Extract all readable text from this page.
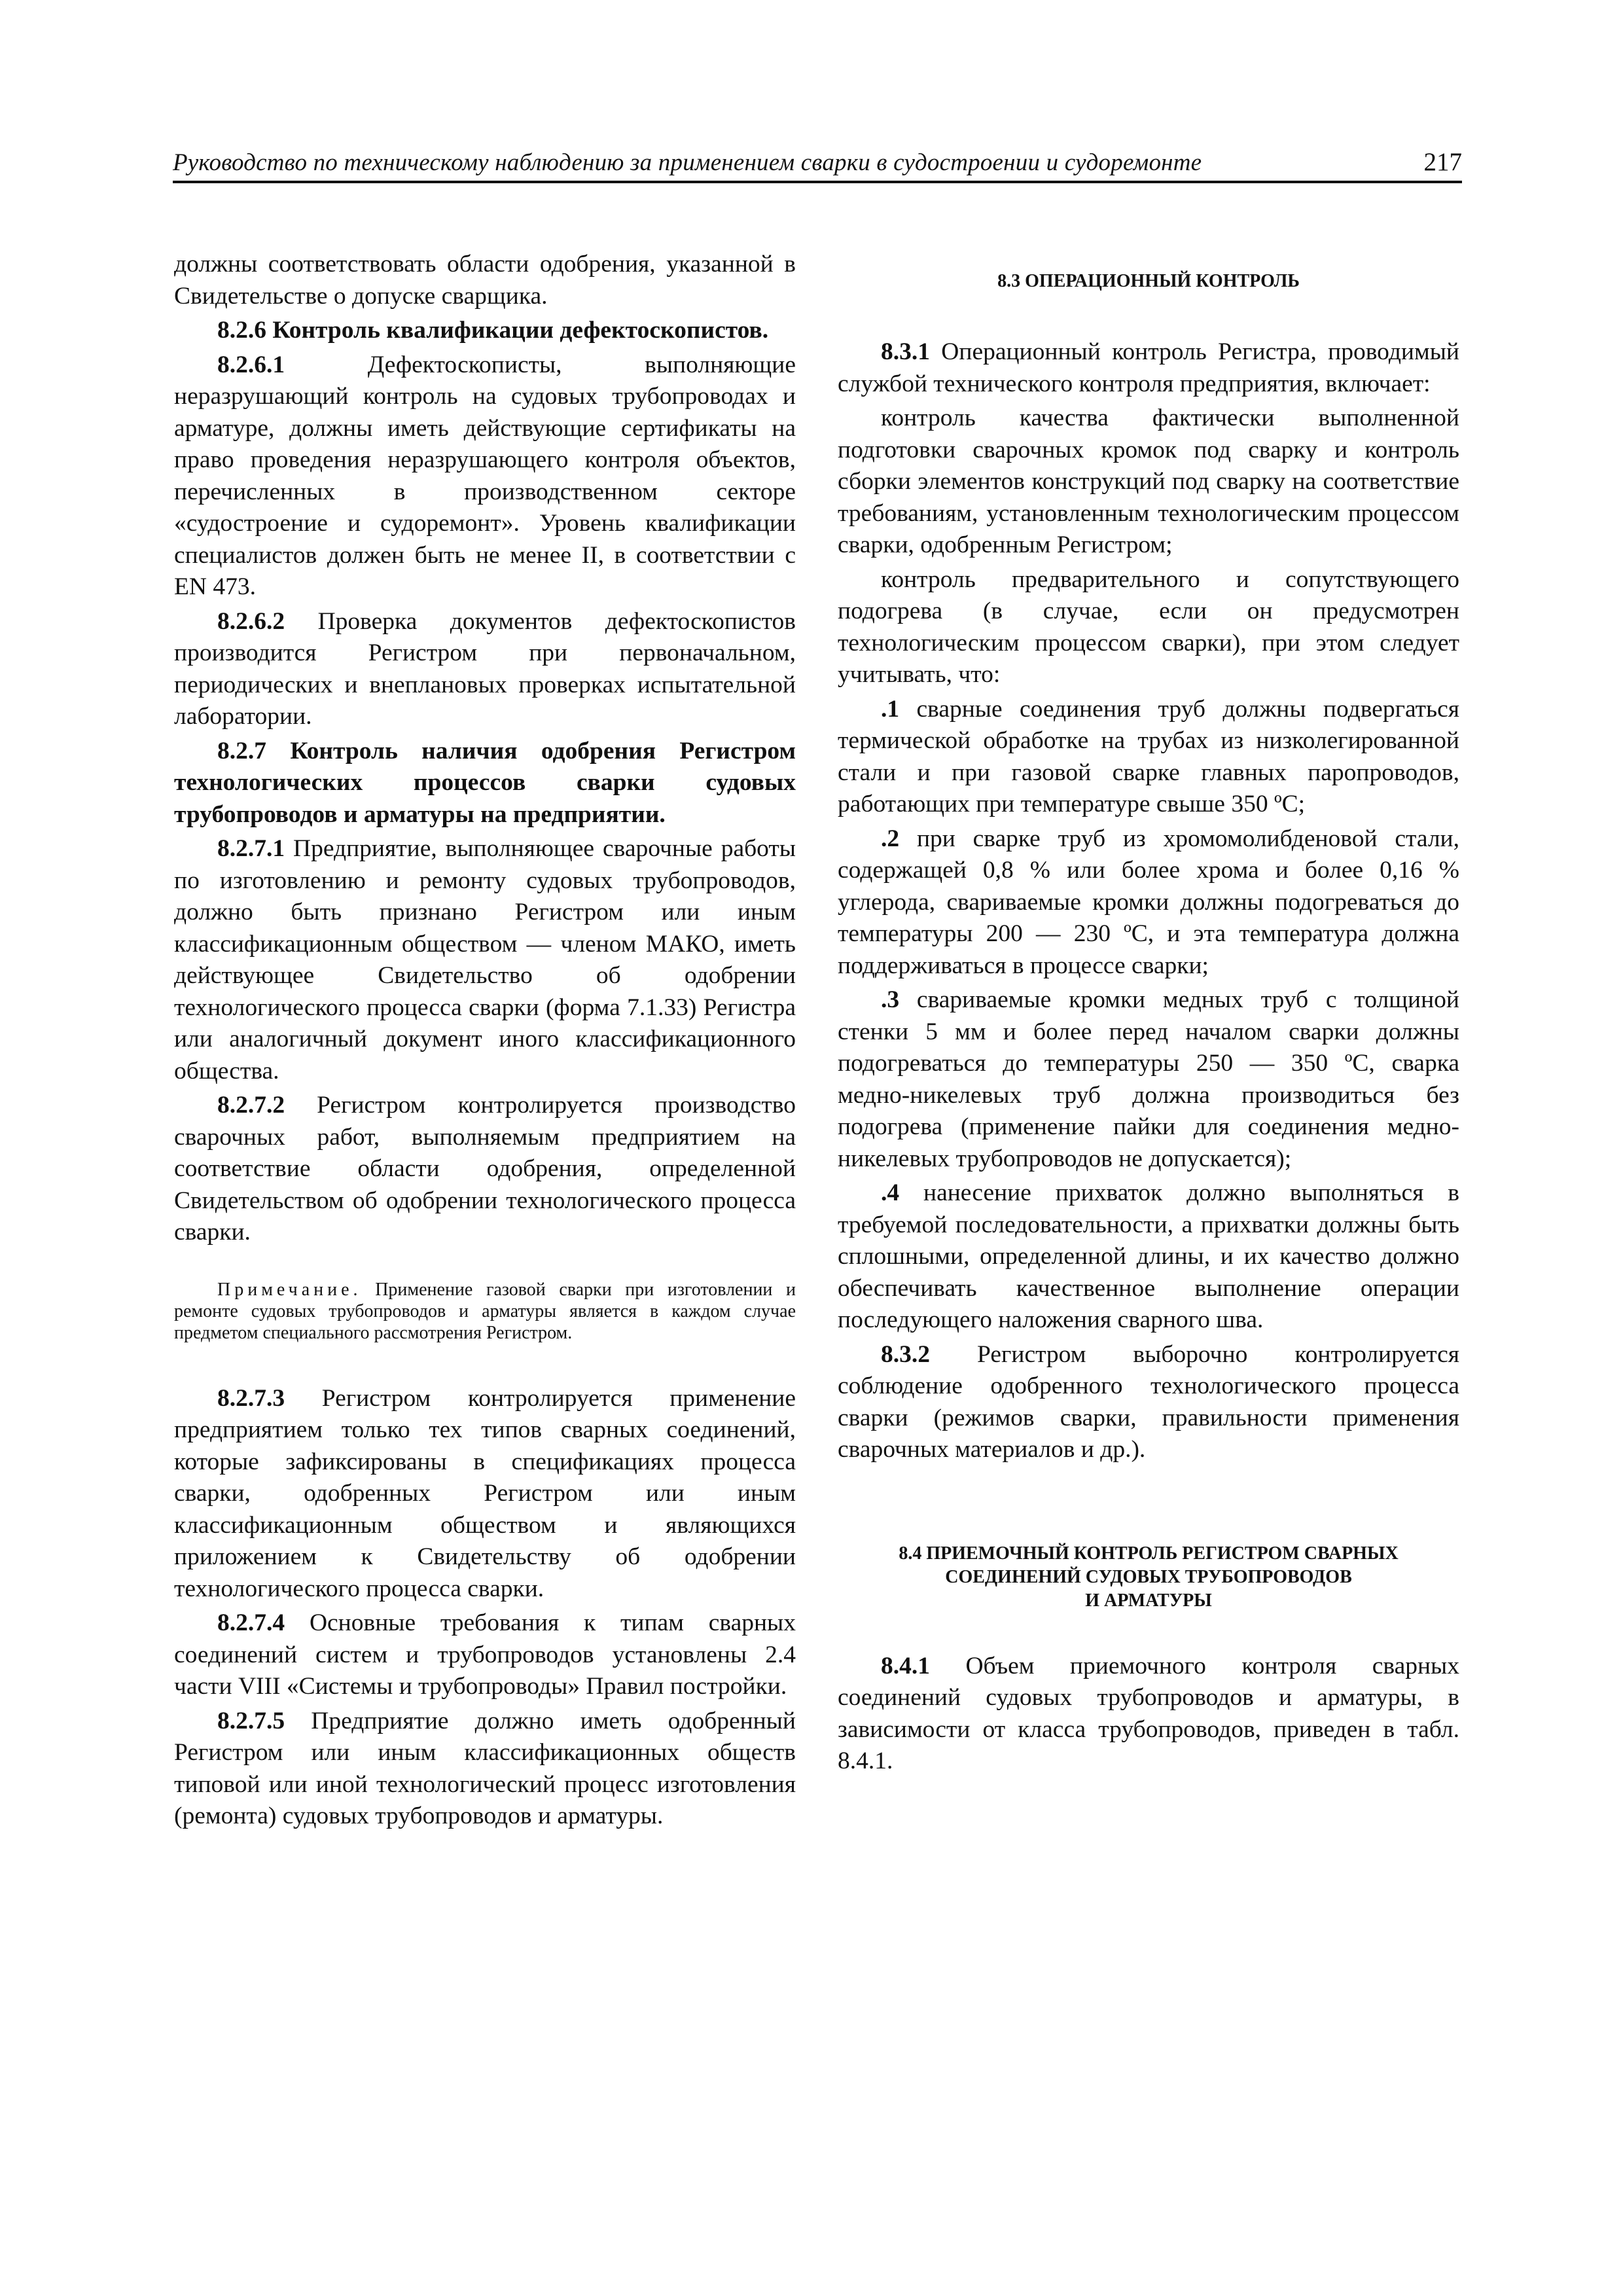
Руководство по техническому наблюдению за применением сварки в судостроении и судоремонте	217

должны соответствовать области одобрения, указанной в Свидетельстве о допуске сварщика.

8.2.6 Контроль квалификации дефектоскопистов.

8.2.6.1	Дефектоскописты, выполняющие неразрушающий контроль на судовых трубопроводах и арматуре, должны иметь действующие сертификаты на право проведения неразрушающего контроля объектов, перечисленных в производственном секторе «судостроение и судоремонт». Уровень квалификации специалистов должен быть не менее II, в соответствии с EN 473.

8.2.6.2 Проверка документов дефектоскопистов производится Регистром при первоначальном, периодических и внеплановых проверках испытательной лаборатории.

8.2.7 Контроль наличия одобрения Регистром технологических процессов сварки судовых трубопроводов и арматуры на предприятии.

8.2.7.1 Предприятие, выполняющее сварочные работы по изготовлению и ремонту судовых трубопроводов, должно быть признано Регистром или иным классификационным обществом — членом МАКО, иметь действующее Свидетельство об одобрении технологического процесса сварки (форма 7.1.33) Регистра или аналогичный документ иного классификационного общества.

8.2.7.2 Регистром контролируется производство сварочных работ, выполняемым предприятием на соответствие области одобрения, определенной Свидетельством об одобрении технологического процесса сварки.

Примечание. Применение газовой сварки при изготовлении и ремонте судовых трубопроводов и арматуры является в каждом случае предметом специального рассмотрения Регистром.

8.2.7.3 Регистром контролируется применение предприятием только тех типов сварных соединений, которые зафиксированы в спецификациях процесса сварки, одобренных Регистром или иным классификационным обществом и являющихся приложением к Свидетельству об одобрении технологического процесса сварки.

8.2.7.4 Основные требования к типам сварных соединений систем и трубопроводов установлены 2.4 части VIII «Системы и трубопроводы» Правил постройки.

8.2.7.5 Предприятие должно иметь одобренный Регистром или иным классификационных обществ типовой или иной технологический процесс изготовления (ремонта) судовых трубопроводов и арматуры.

8.3 ОПЕРАЦИОННЫЙ КОНТРОЛЬ

8.3.1 Операционный контроль Регистра, проводимый службой технического контроля предприятия, включает:

контроль качества фактически выполненной подготовки сварочных кромок под сварку и контроль сборки элементов конструкций под сварку на соответствие требованиям, установленным технологическим процессом сварки, одобренным Регистром;

контроль предварительного и сопутствующего подогрева (в случае, если он предусмотрен технологическим процессом сварки), при этом следует учитывать, что:

.1 сварные соединения труб должны подвергаться термической обработке на трубах из низколегированной стали и при газовой сварке главных паропроводов, работающих при температуре свыше 350 ºС;

.2 при сварке труб из хромомолибденовой стали, содержащей 0,8 % или более хрома и более 0,16 % углерода, свариваемые кромки должны подогреваться до температуры 200 — 230 ºС, и эта температура должна поддерживаться в процессе сварки;

.3 свариваемые кромки медных труб с толщиной стенки 5 мм и более перед началом сварки должны подогреваться до температуры 250 — 350 ºС, сварка медно-никелевых труб должна производиться без подогрева (применение пайки для соединения медно-никелевых трубопроводов не допускается);

.4 нанесение прихваток должно выполняться в требуемой последовательности, а прихватки должны быть сплошными, определенной длины, и их качество должно обеспечивать качественное выполнение операции последующего наложения сварного шва.

8.3.2 Регистром выборочно контролируется соблюдение одобренного технологического процесса сварки (режимов сварки, правильности применения сварочных материалов и др.).

8.4 ПРИЕМОЧНЫЙ КОНТРОЛЬ РЕГИСТРОМ СВАРНЫХ

СОЕДИНЕНИЙ СУДОВЫХ ТРУБОПРОВОДОВ

И АРМАТУРЫ

8.4.1 Объем приемочного контроля сварных соединений судовых трубопроводов и арматуры, в зависимости от класса трубопроводов, приведен в табл. 8.4.1.
